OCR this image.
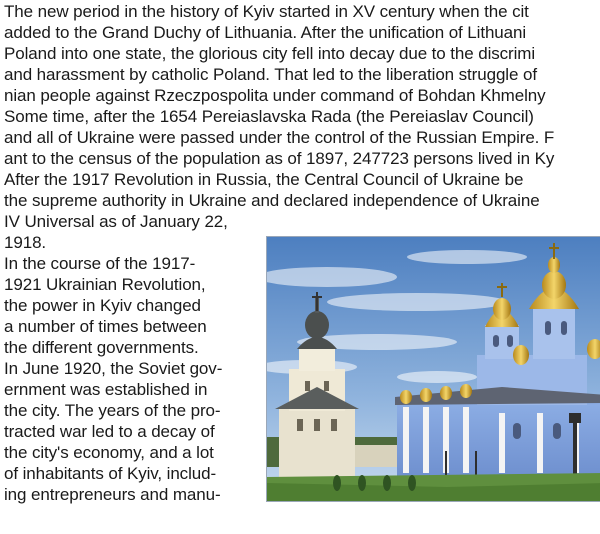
The new period in the history of Kyiv started in XV century when the cit
added to the Grand Duchy of Lithuania. After the unification of Lithuani
Poland into one state, the glorious city fell into decay due to the discrimi
and harassment by catholic Poland. That led to the liberation struggle of
nian people against Rzeczpospolita under command of Bohdan Khmelny
Some time, after the 1654 Pereiaslavska Rada (the Pereiaslav Council)
and all of Ukraine were passed under the control of the Russian Empire. F
ant to the census of the population as of 1897, 247723 persons lived in Ky
After the 1917 Revolution in Russia, the Central Council of Ukraine be
the supreme authority in Ukraine and declared independence of Ukraine
IV Universal as of January 22,
1918.
In the course of the 1917-
1921 Ukrainian Revolution,
the power in Kyiv changed
a number of times between
the different governments.
In June 1920, the Soviet gov-
ernment was established in
the city. The years of the pro-
tracted war led to a decay of
the city's economy, and a lot
of inhabitants of Kyiv, includ-
ing entrepreneurs and manu-
